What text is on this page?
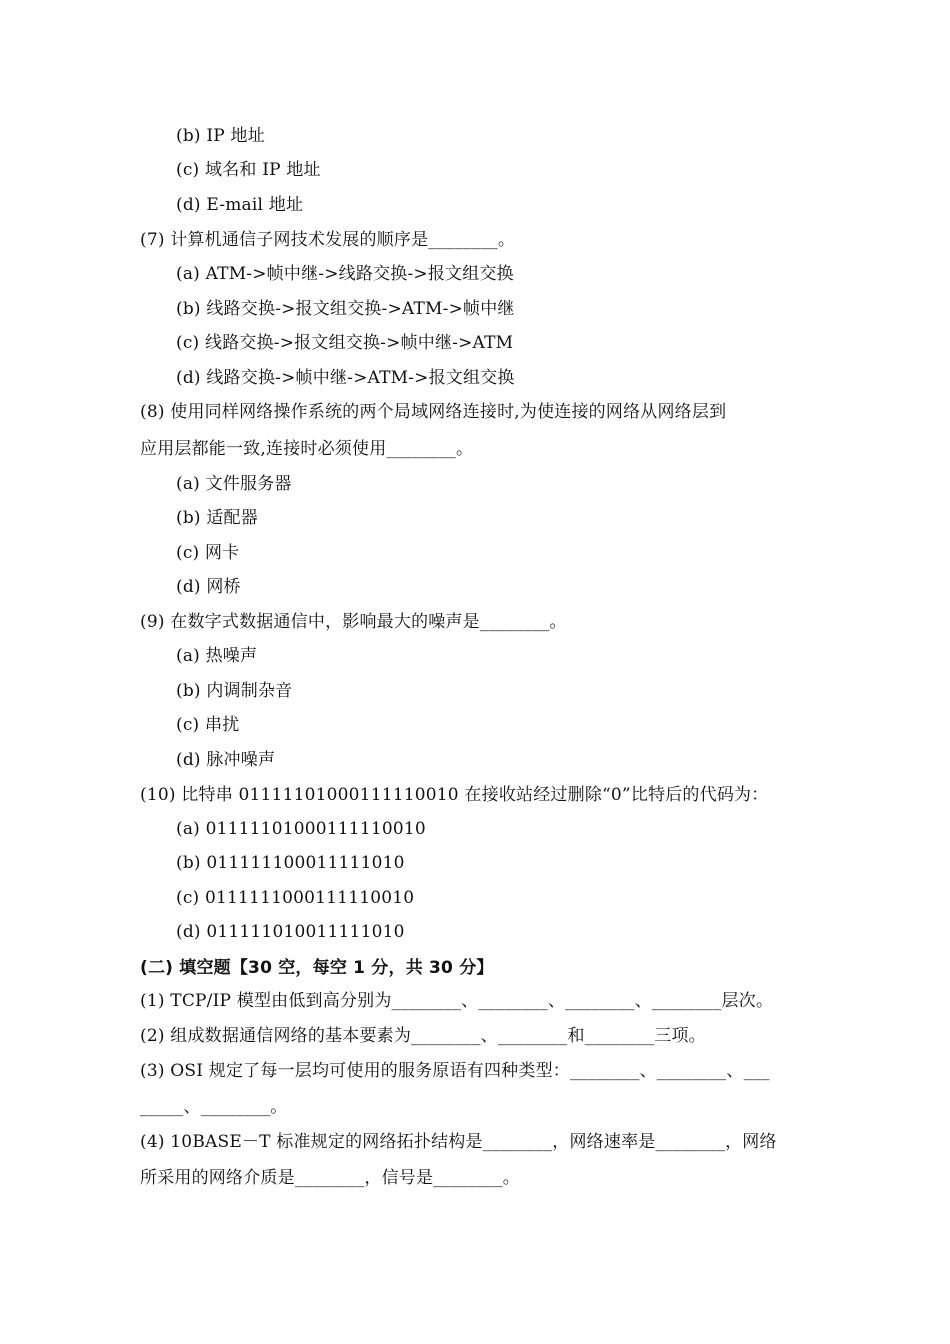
(b) IP 地址
(c) 域名和 IP 地址
(d) E-mail 地址
(7) 计算机通信子网技术发展的顺序是________。
(a) ATM->帧中继->线路交换->报文组交换
(b) 线路交换->报文组交换->ATM->帧中继
(c) 线路交换->报文组交换->帧中继->ATM
(d) 线路交换->帧中继->ATM->报文组交换
(8) 使用同样网络操作系统的两个局域网络连接时,为使连接的网络从网络层到
应用层都能一致,连接时必须使用________。
(a) 文件服务器
(b) 适配器
(c) 网卡
(d) 网桥
(9) 在数字式数据通信中，影响最大的噪声是________。
(a) 热噪声
(b) 内调制杂音
(c) 串扰
(d) 脉冲噪声
(10) 比特串 01111101000111110010 在接收站经过删除“0”比特后的代码为：
(a) 01111101000111110010
(b) 011111100011111010
(c) 0111111000111110010
(d) 011111010011111010
(二) 填空题【30 空，每空 1 分，共 30 分】
(1) TCP/IP 模型由低到高分别为________、________、________、________层次。
(2) 组成数据通信网络的基本要素为________、________和________三项。
(3) OSI 规定了每一层均可使用的服务原语有四种类型：________、________、___
_____、________。
(4) 10BASE－T 标准规定的网络拓扑结构是________，网络速率是________，网络
所采用的网络介质是________，信号是________。
